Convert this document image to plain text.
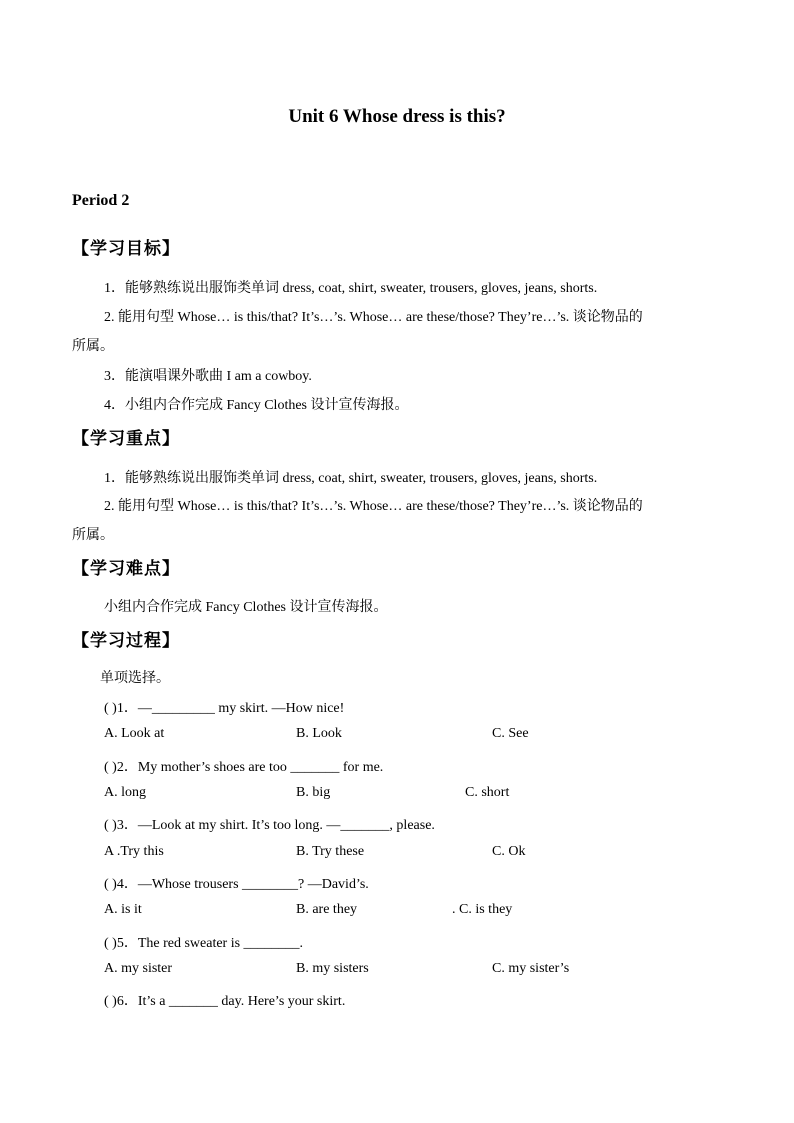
Unit 6 Whose dress is this?
Period 2
【学习目标】
1．能够熟练说出服饰类单词 dress, coat, shirt, sweater, trousers, gloves, jeans, shorts.
2. 能用句型 Whose… is this/that? It’s…’s. Whose… are these/those? They’re…’s. 谈论物品的
所属。
3．能演唱课外歌曲 I am a cowboy.
4．小组内合作完成 Fancy Clothes 设计宣传海报。
【学习重点】
1．能够熟练说出服饰类单词 dress, coat, shirt, sweater, trousers, gloves, jeans, shorts.
2. 能用句型 Whose… is this/that? It’s…’s. Whose… are these/those? They’re…’s. 谈论物品的
所属。
【学习难点】
小组内合作完成 Fancy Clothes 设计宣传海报。
【学习过程】
单项选择。
( )1．—_________ my skirt. —How nice!
A. Look at	B. Look	C. See
( )2．My mother’s shoes are too _______ for me.
A. long	B. big	C. short
( )3．—Look at my shirt. It’s too long. —_______, please.
A .Try this	B. Try these	C. Ok
( )4．—Whose trousers ________? —David’s.
A. is it	B. are they	. C. is they
( )5．The red sweater is ________.
A. my sister	B. my sisters	C. my sister’s
( )6．It’s a _______ day. Here’s your skirt.
